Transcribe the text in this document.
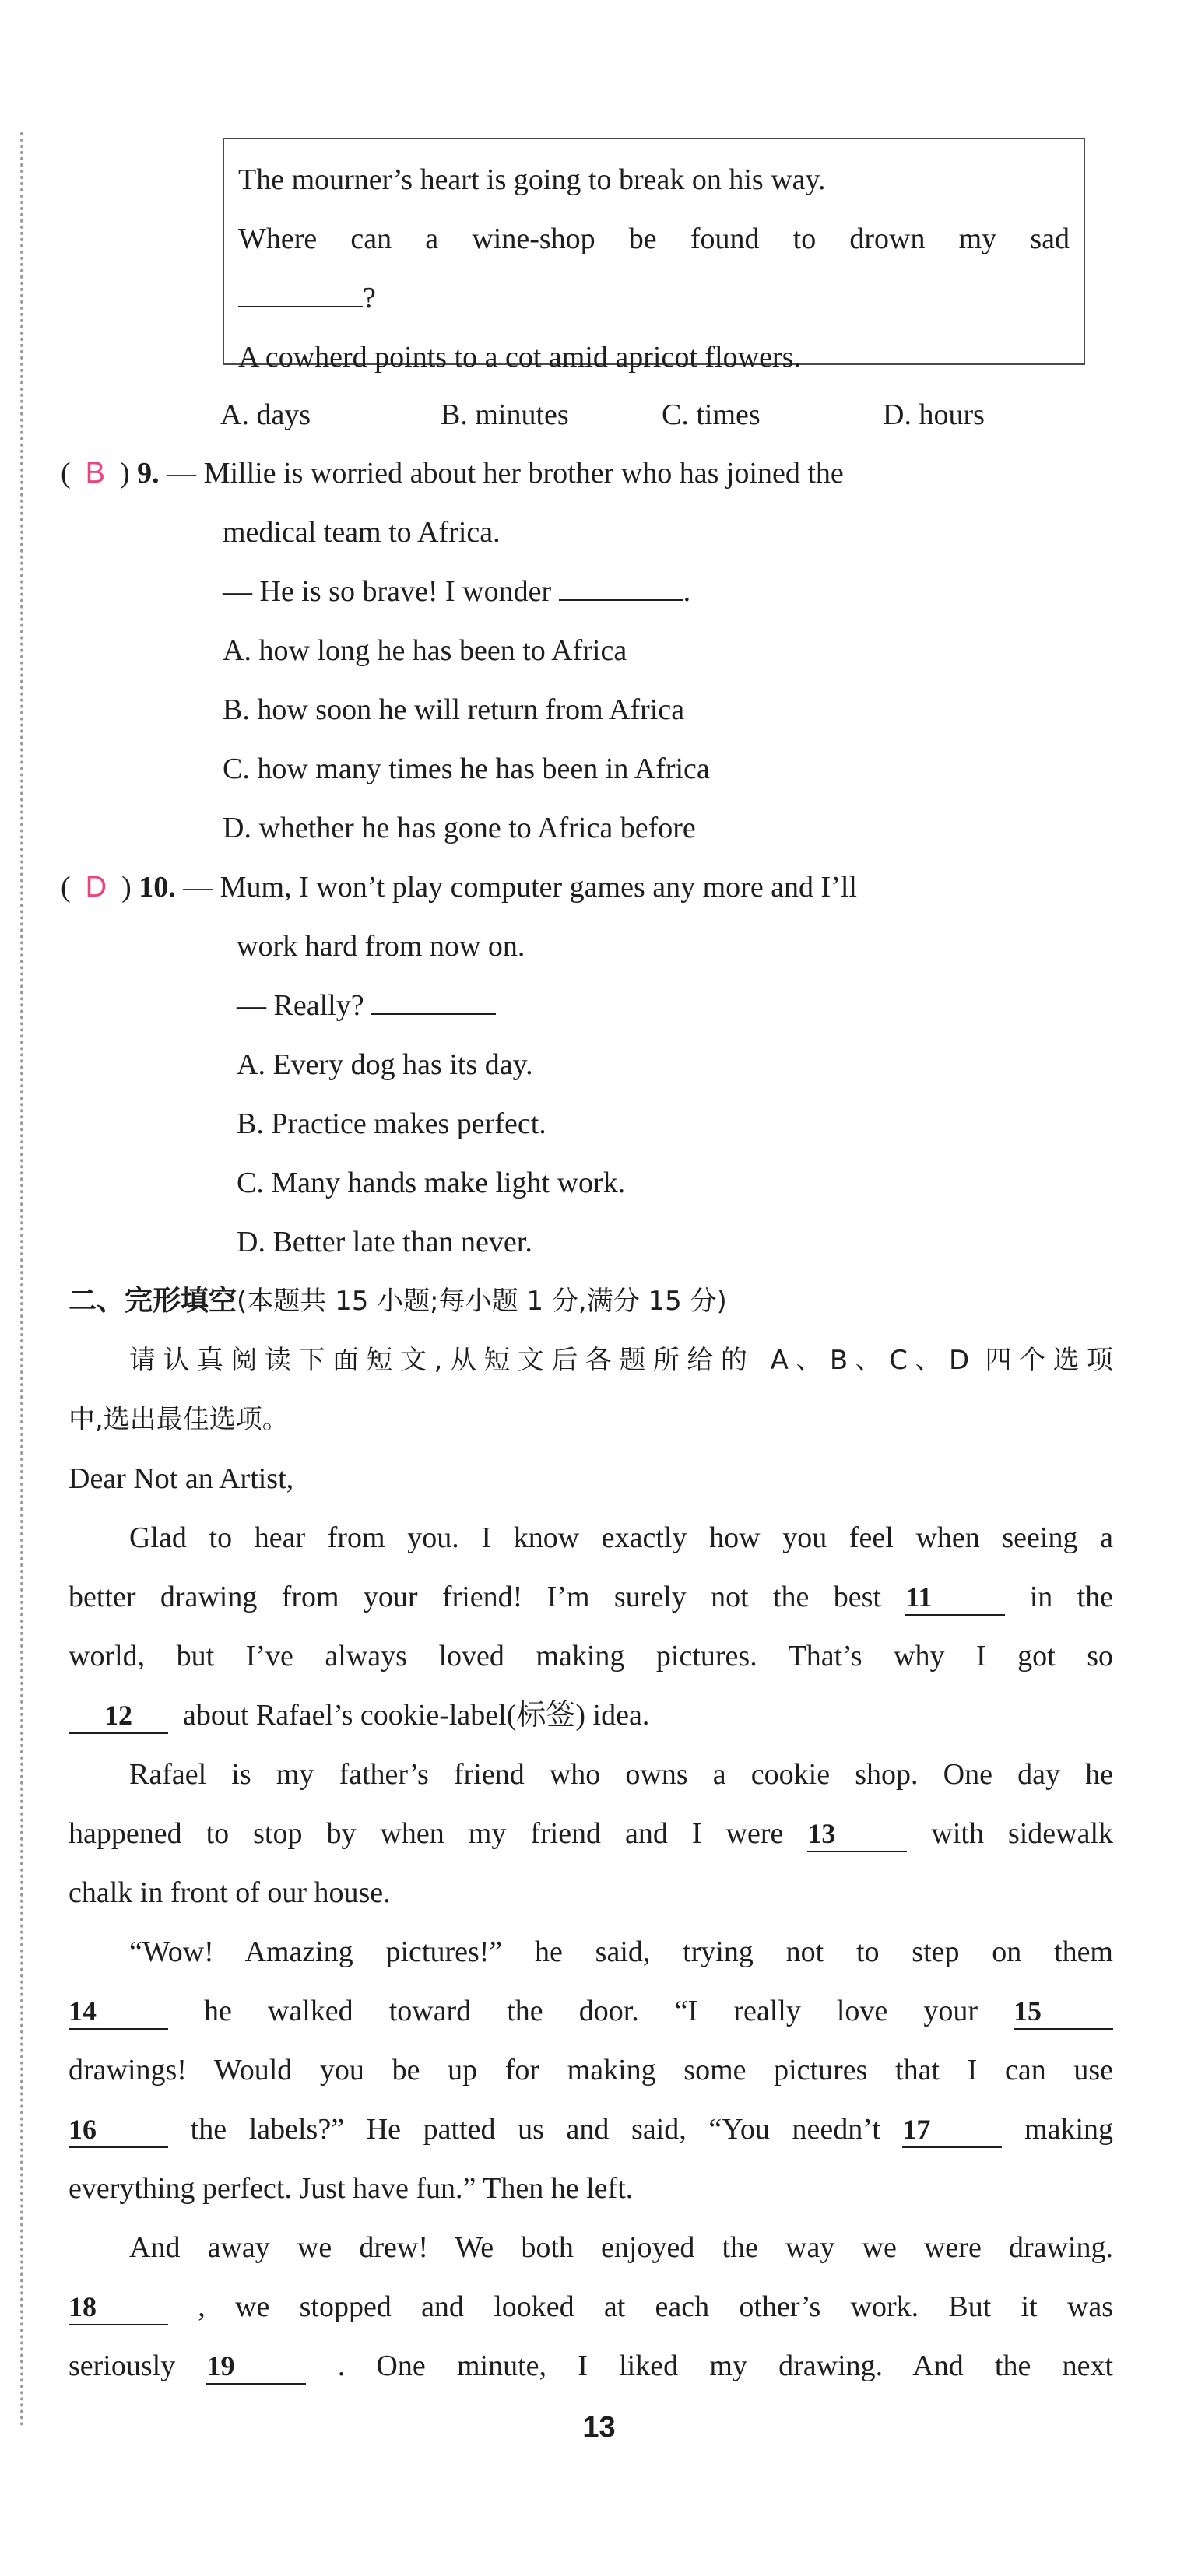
The mourner’s heart is going to break on his way.
Where can a wine-shop be found to drown my sad
?
A cowherd points to a cot amid apricot flowers.
A. days	B. minutes	C. times	D. hours
( B ) 9. — Millie is worried about her brother who has joined the
medical team to Africa.
— He is so brave! I wonder	.
A. how long he has been to Africa
B. how soon he will return from Africa
C. how many times he has been in Africa
D. whether he has gone to Africa before
( D ) 10. — Mum, I won’t play computer games any more and I’ll
work hard from now on.
— Really?
A. Every dog has its day.
B. Practice makes perfect.
C. Many hands make light work.
D. Better late than never.
二、完形填空(本题共 15 小题;每小题 1 分,满分 15 分)
请认真阅读下面短文,从短文后各题所给的 A、B、C、D 四个选项
中,选出最佳选项。
Dear Not an Artist,
Glad to hear from you. I know exactly how you feel when seeing a
better drawing from your friend! I’m surely not the best 11	in the
world, but I’ve always loved making pictures. That’s why I got so
12 about Rafael’s cookie-label(标签) idea.
Rafael is my father’s friend who owns a cookie shop. One day he
happened to stop by when my friend and I were 13	with sidewalk
chalk in front of our house.
“Wow! Amazing pictures!” he said, trying not to step on them
14	he walked toward the door. “I really love your 15
drawings! Would you be up for making some pictures that I can use
16	the labels?” He patted us and said, “You needn’t 17	making
everything perfect. Just have fun.” Then he left.
And away we drew! We both enjoyed the way we were drawing.
18	, we stopped and looked at each other’s work. But it was
seriously 19	. One minute, I liked my drawing. And the next
13
